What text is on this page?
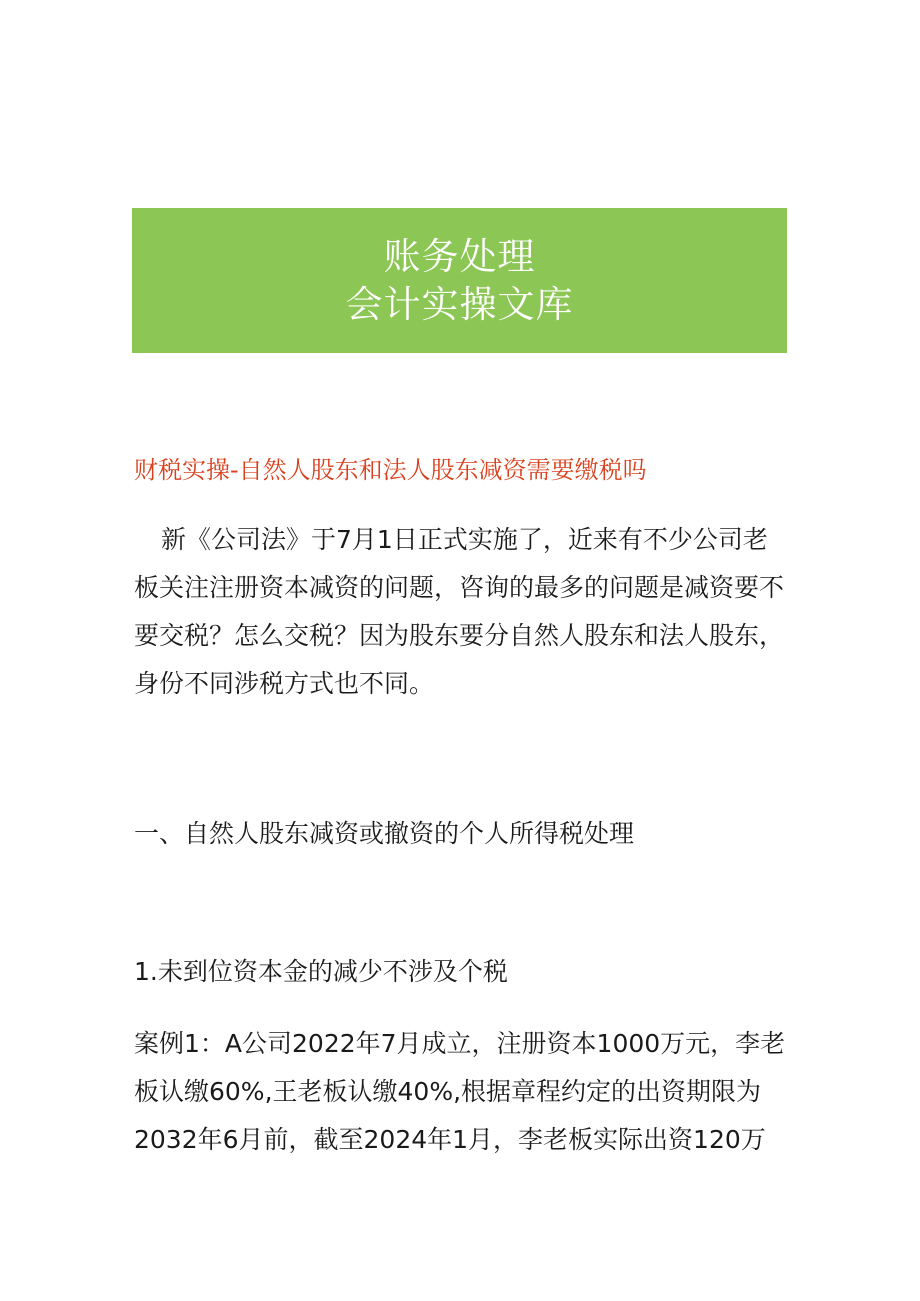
账务处理
会计实操文库
财税实操-自然人股东和法人股东减资需要缴税吗

新《公司法》于7月1日正式实施了，近来有不少公司老板关注注册资本减资的问题，咨询的最多的问题是减资要不要交税？怎么交税？因为股东要分自然人股东和法人股东，身份不同涉税方式也不同。

一、自然人股东减资或撤资的个人所得税处理
1.未到位资本金的减少不涉及个税

案例1：A公司2022年7月成立，注册资本1000万元，李老板认缴60%,王老板认缴40%,根据章程约定的出资期限为2032年6月前，截至2024年1月，李老板实际出资120万
